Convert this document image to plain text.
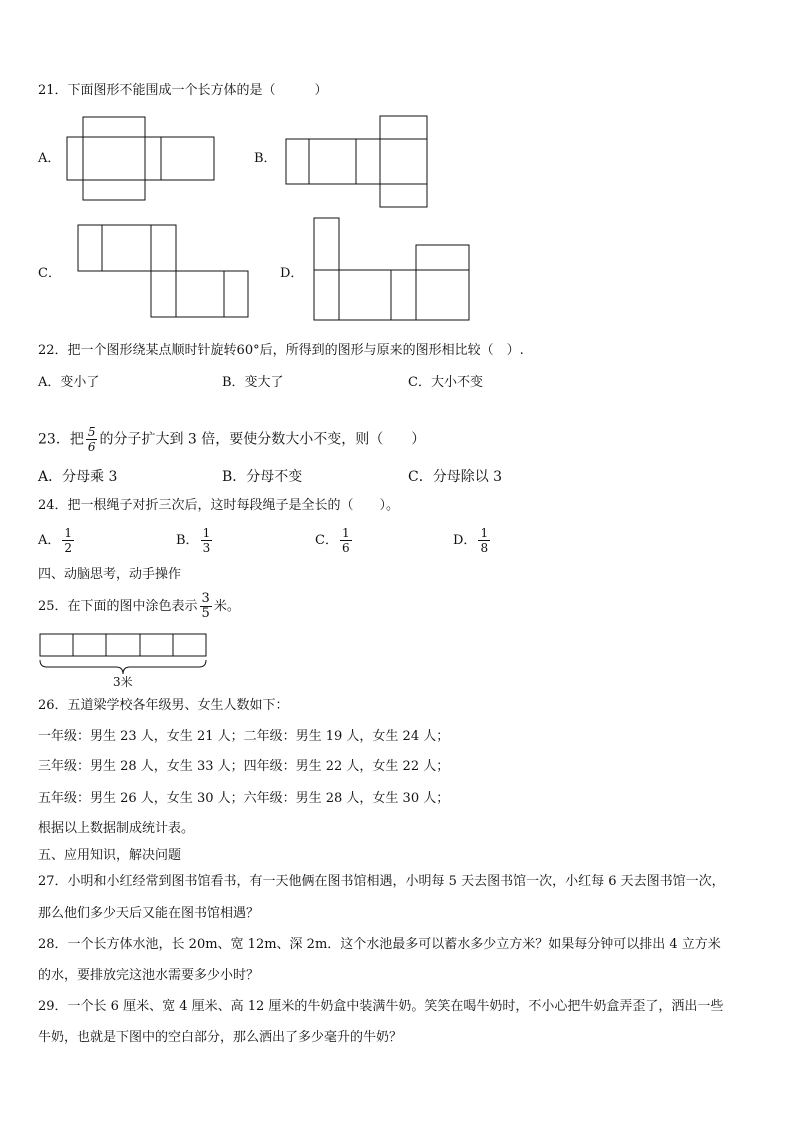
21．下面图形不能围成一个长方体的是（　　　）
A．	B．
C．	D．
22．把一个图形绕某点顺时针旋转60°后，所得到的图形与原来的图形相比较（　）.
A．变小了	B．变大了	C．大小不变
23．把 $\frac{5}{6}$ 的分子扩大到 3 倍，要使分数大小不变，则（　　）
A．分母乘 3	B．分母不变	C．分母除以 3
24．把一根绳子对折三次后，这时每段绳子是全长的（　　）。
A． $\frac{1}{2}$	B． $\frac{1}{3}$	C． $\frac{1}{6}$	D． $\frac{1}{8}$
四、动脑思考，动手操作
25．在下面的图中涂色表示 $\frac{3}{5}$ 米。
3米
26．五道梁学校各年级男、女生人数如下：
一年级：男生 23 人，女生 21 人；二年级：男生 19 人，女生 24 人；
三年级：男生 28 人，女生 33 人；四年级：男生 22 人，女生 22 人；
五年级：男生 26 人，女生 30 人；六年级：男生 28 人，女生 30 人；
根据以上数据制成统计表。
五、应用知识，解决问题
27．小明和小红经常到图书馆看书，有一天他俩在图书馆相遇，小明每 5 天去图书馆一次，小红每 6 天去图书馆一次，
那么他们多少天后又能在图书馆相遇？
28．一个长方体水池，长 20m、宽 12m、深 2m．这个水池最多可以蓄水多少立方米？如果每分钟可以排出 4 立方米
的水，要排放完这池水需要多少小时？
29．一个长 6 厘米、宽 4 厘米、高 12 厘米的牛奶盒中装满牛奶。笑笑在喝牛奶时，不小心把牛奶盒弄歪了，洒出一些
牛奶，也就是下图中的空白部分，那么洒出了多少毫升的牛奶？
